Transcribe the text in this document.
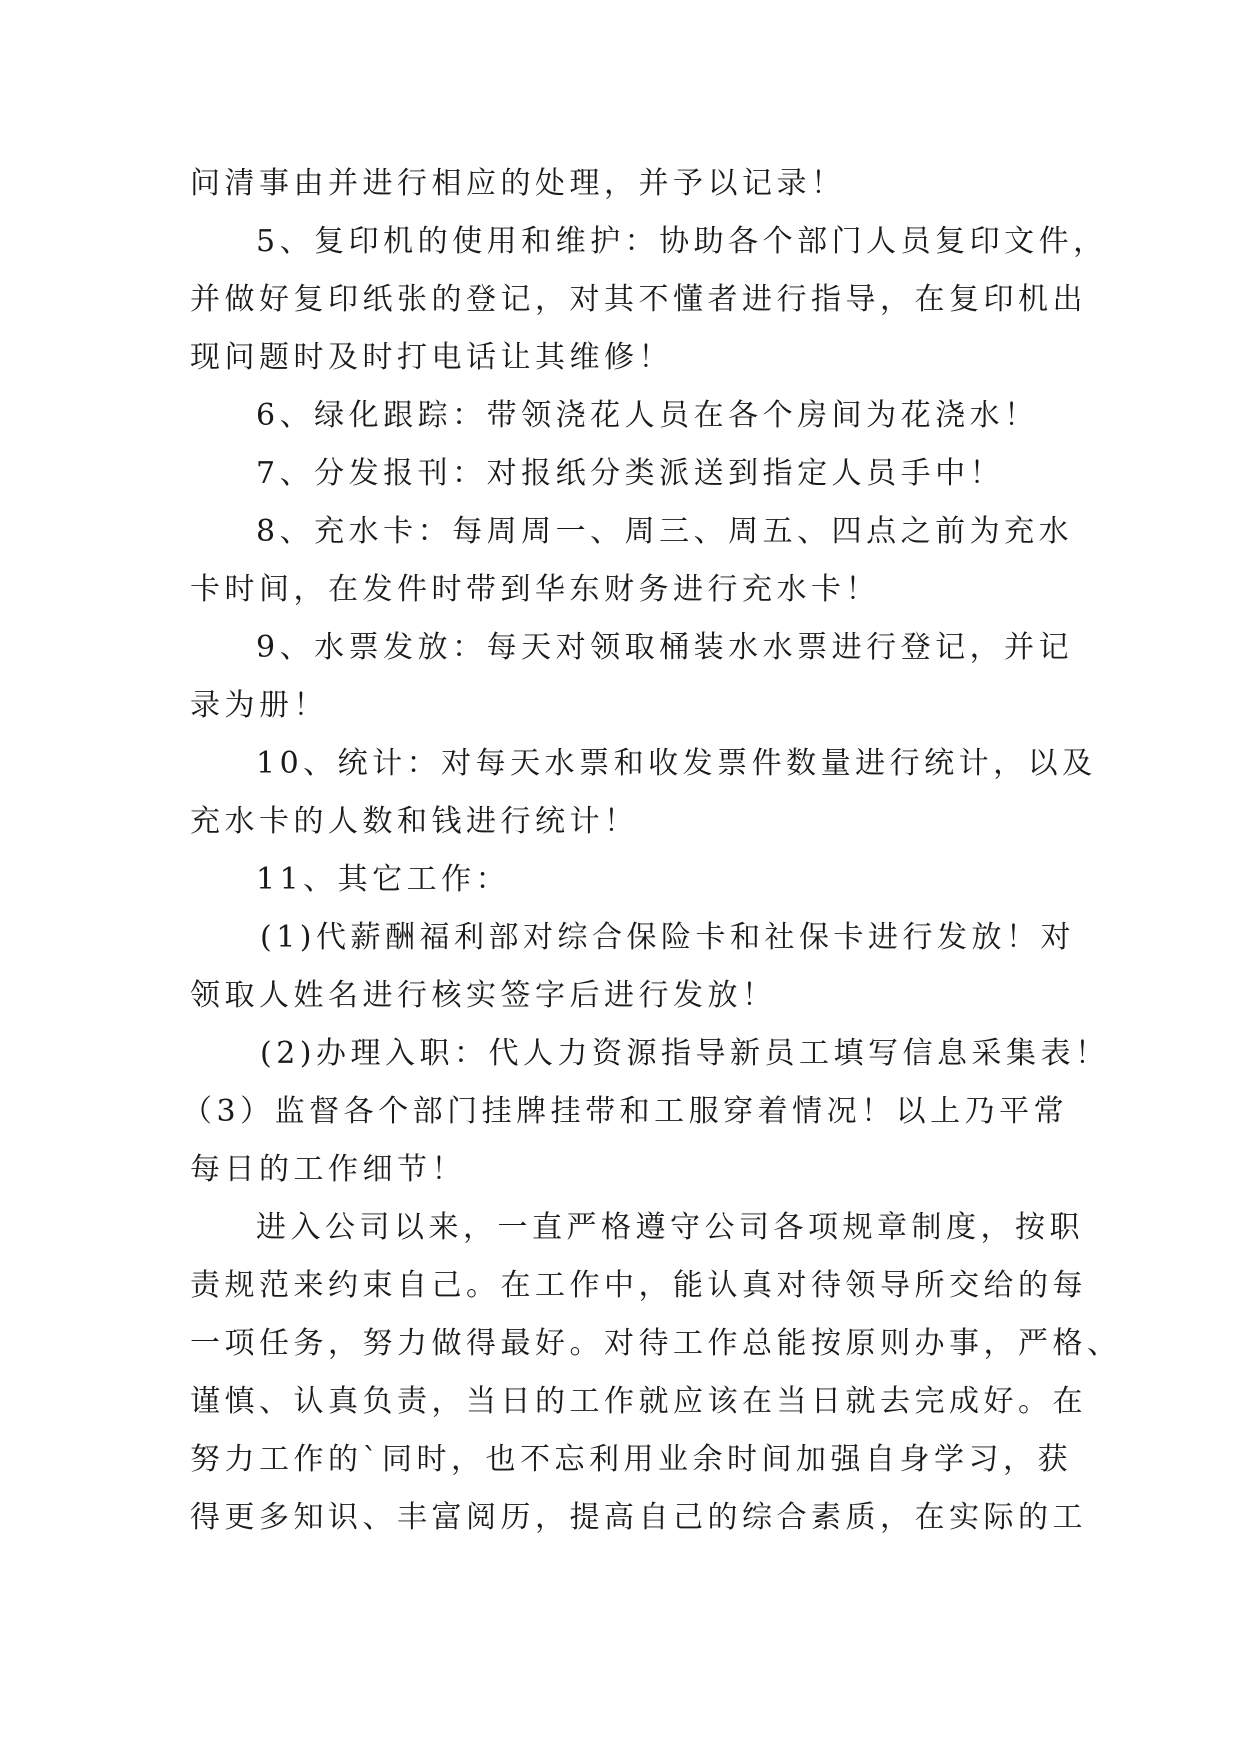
问清事由并进行相应的处理，并予以记录！
5、复印机的使用和维护：协助各个部门人员复印文件，
并做好复印纸张的登记，对其不懂者进行指导，在复印机出
现问题时及时打电话让其维修！
6、绿化跟踪：带领浇花人员在各个房间为花浇水！
7、分发报刊：对报纸分类派送到指定人员手中！
8、充水卡：每周周一、周三、周五、四点之前为充水
卡时间，在发件时带到华东财务进行充水卡！
9、水票发放：每天对领取桶装水水票进行登记，并记
录为册！
10、统计：对每天水票和收发票件数量进行统计，以及
充水卡的人数和钱进行统计！
11、其它工作：
(1)代薪酬福利部对综合保险卡和社保卡进行发放！对
领取人姓名进行核实签字后进行发放！
(2)办理入职：代人力资源指导新员工填写信息采集表！
（3）监督各个部门挂牌挂带和工服穿着情况！以上乃平常
每日的工作细节！
进入公司以来，一直严格遵守公司各项规章制度，按职
责规范来约束自己。在工作中，能认真对待领导所交给的每
一项任务，努力做得最好。对待工作总能按原则办事，严格、
谨慎、认真负责，当日的工作就应该在当日就去完成好。在
努力工作的`同时，也不忘利用业余时间加强自身学习，获
得更多知识、丰富阅历，提高自己的综合素质，在实际的工
